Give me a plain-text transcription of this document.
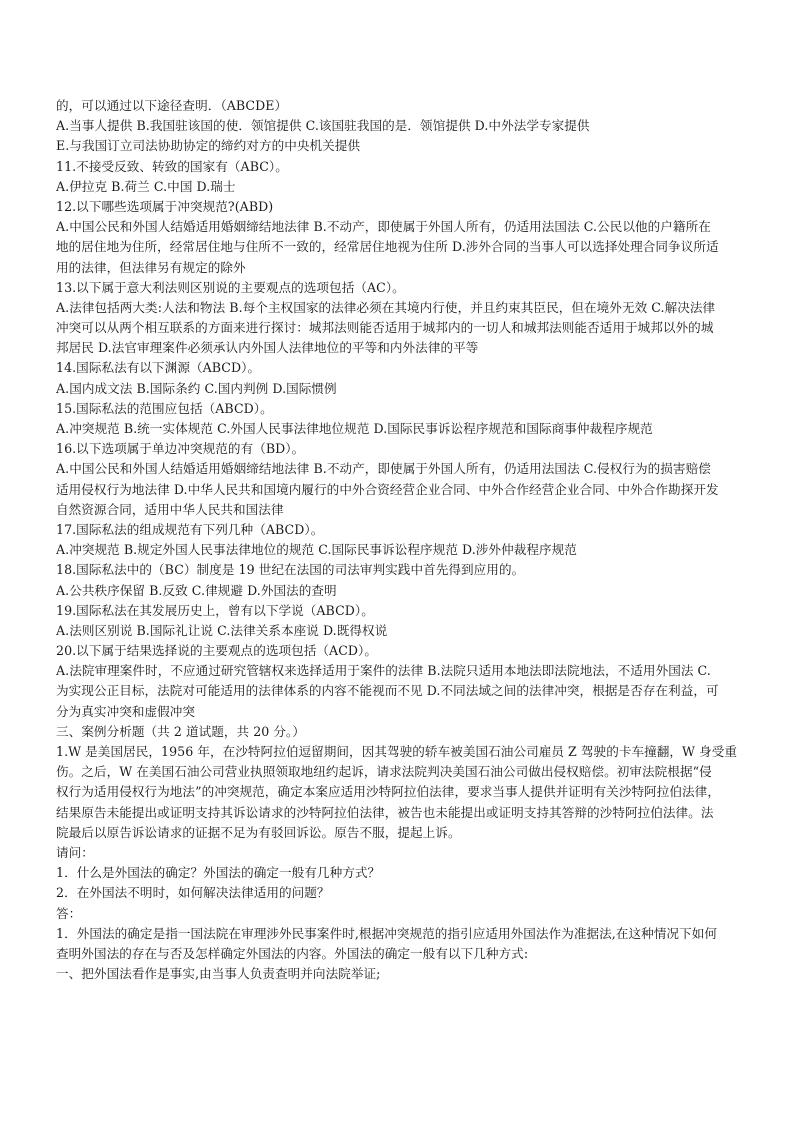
的，可以通过以下途径查明．（ABCDE）
A.当事人提供 B.我国驻该国的使．领馆提供 C.该国驻我国的是．领馆提供 D.中外法学专家提供
E.与我国订立司法协助协定的缔约对方的中央机关提供
11.不接受反致、转致的国家有（ABC）。
A.伊拉克 B.荷兰 C.中国 D.瑞士
12.以下哪些选项属于冲突规范?(ABD)
A.中国公民和外国人结婚适用婚姻缔结地法律 B.不动产，即使属于外国人所有，仍适用法国法 C.公民以他的户籍所在
地的居住地为住所，经常居住地与住所不一致的，经常居住地视为住所 D.涉外合同的当事人可以选择处理合同争议所适
用的法律，但法律另有规定的除外
13.以下属于意大利法则区别说的主要观点的选项包括（AC）。
A.法律包括两大类:人法和物法 B.每个主权国家的法律必须在其境内行使，并且约束其臣民，但在境外无效 C.解决法律
冲突可以从两个相互联系的方面来进行探讨：城邦法则能否适用于城邦内的一切人和城邦法则能否适用于城邦以外的城
邦居民 D.法官审理案件必须承认内外国人法律地位的平等和内外法律的平等
14.国际私法有以下渊源（ABCD）。
A.国内成文法 B.国际条约 C.国内判例 D.国际惯例
15.国际私法的范围应包括（ABCD）。
A.冲突规范 B.统一实体规范 C.外国人民事法律地位规范 D.国际民事诉讼程序规范和国际商事仲裁程序规范
16.以下选项属于单边冲突规范的有（BD）。
A.中国公民和外国人结婚适用婚姻缔结地法律 B.不动产，即使属于外国人所有，仍适用法国法 C.侵权行为的损害赔偿
适用侵权行为地法律 D.中华人民共和国境内履行的中外合资经营企业合同、中外合作经营企业合同、中外合作勘探开发
自然资源合同，适用中华人民共和国法律
17.国际私法的组成规范有下列几种（ABCD）。
A.冲突规范 B.规定外国人民事法律地位的规范 C.国际民事诉讼程序规范 D.涉外仲裁程序规范
18.国际私法中的（BC）制度是 19 世纪在法国的司法审判实践中首先得到应用的。
A.公共秩序保留 B.反致 C.律规避 D.外国法的查明
19.国际私法在其发展历史上，曾有以下学说（ABCD）。
A.法则区别说 B.国际礼让说 C.法律关系本座说 D.既得权说
20.以下属于结果选择说的主要观点的选项包括（ACD）。
A.法院审理案件时，不应通过研究管辖权来选择适用于案件的法律 B.法院只适用本地法即法院地法，不适用外国法 C.
为实现公正目标，法院对可能适用的法律体系的内容不能视而不见 D.不同法域之间的法律冲突，根据是否存在利益，可
分为真实冲突和虚假冲突
三、案例分析题（共 2 道试题，共 20 分。）
1.W 是美国居民，1956 年，在沙特阿拉伯逗留期间，因其驾驶的轿车被美国石油公司雇员 Z 驾驶的卡车撞翻，W 身受重
伤。之后，W 在美国石油公司营业执照领取地纽约起诉，请求法院判决美国石油公司做出侵权赔偿。初审法院根据“侵
权行为适用侵权行为地法”的冲突规范，确定本案应适用沙特阿拉伯法律，要求当事人提供并证明有关沙特阿拉伯法律，
结果原告未能提出或证明支持其诉讼请求的沙特阿拉伯法律，被告也未能提出或证明支持其答辩的沙特阿拉伯法律。法
院最后以原告诉讼请求的证据不足为有驳回诉讼。原告不服，提起上诉。
请问：
1．什么是外国法的确定？外国法的确定一般有几种方式？
2．在外国法不明时，如何解决法律适用的问题？
答：
1．外国法的确定是指一国法院在审理涉外民事案件时,根据冲突规范的指引应适用外国法作为准据法,在这种情况下如何
查明外国法的存在与否及怎样确定外国法的内容。外国法的确定一般有以下几种方式:
一、把外国法看作是事实,由当事人负责查明并向法院举证;
